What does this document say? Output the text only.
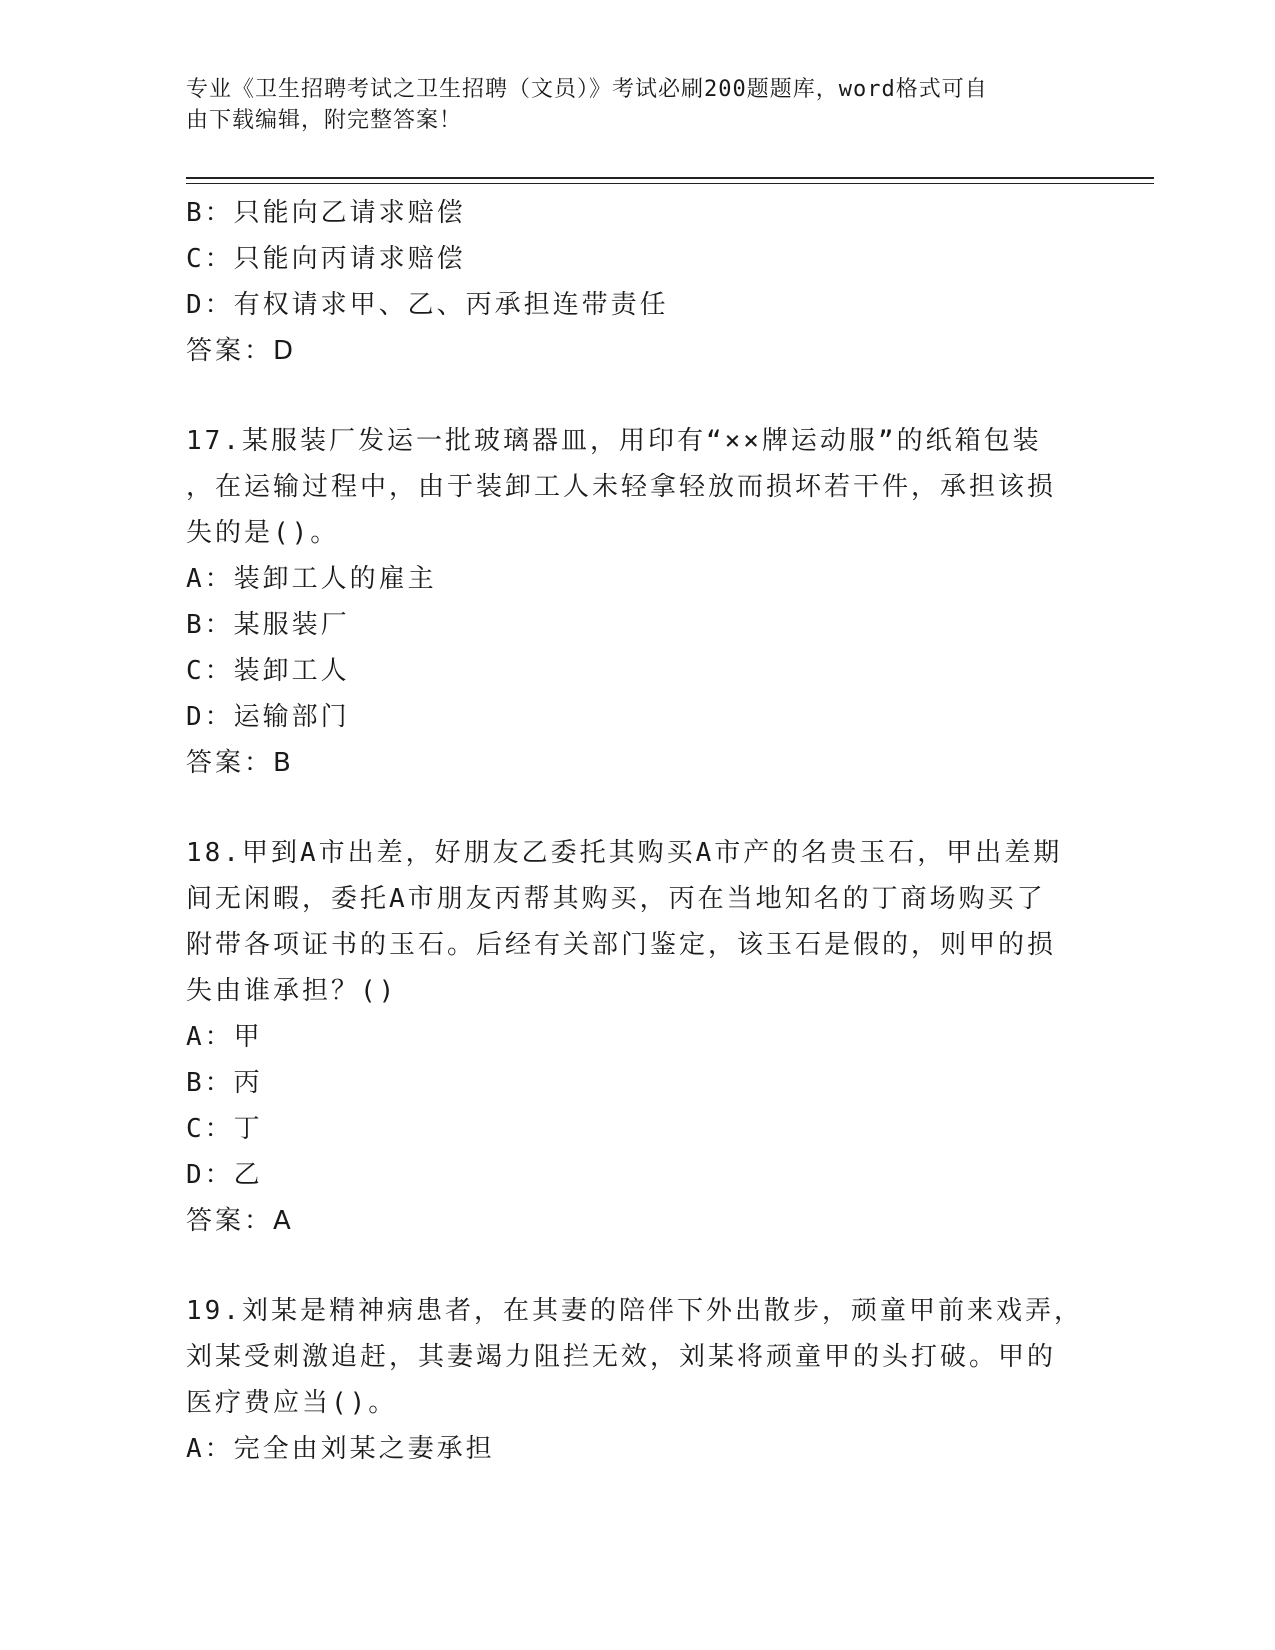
专业《卫生招聘考试之卫生招聘（文员）》考试必刷200题题库，word格式可自
由下载编辑，附完整答案！
B：只能向乙请求赔偿
C：只能向丙请求赔偿
D：有权请求甲、乙、丙承担连带责任
答案：D
17.某服装厂发运一批玻璃器皿，用印有“××牌运动服”的纸箱包装
，在运输过程中，由于装卸工人未轻拿轻放而损坏若干件，承担该损
失的是()。
A：装卸工人的雇主
B：某服装厂
C：装卸工人
D：运输部门
答案：B
18.甲到A市出差，好朋友乙委托其购买A市产的名贵玉石，甲出差期
间无闲暇，委托A市朋友丙帮其购买，丙在当地知名的丁商场购买了
附带各项证书的玉石。后经有关部门鉴定，该玉石是假的，则甲的损
失由谁承担？()
A：甲
B：丙
C：丁
D：乙
答案：A
19.刘某是精神病患者，在其妻的陪伴下外出散步，顽童甲前来戏弄，
刘某受刺激追赶，其妻竭力阻拦无效，刘某将顽童甲的头打破。甲的
医疗费应当()。
A：完全由刘某之妻承担
